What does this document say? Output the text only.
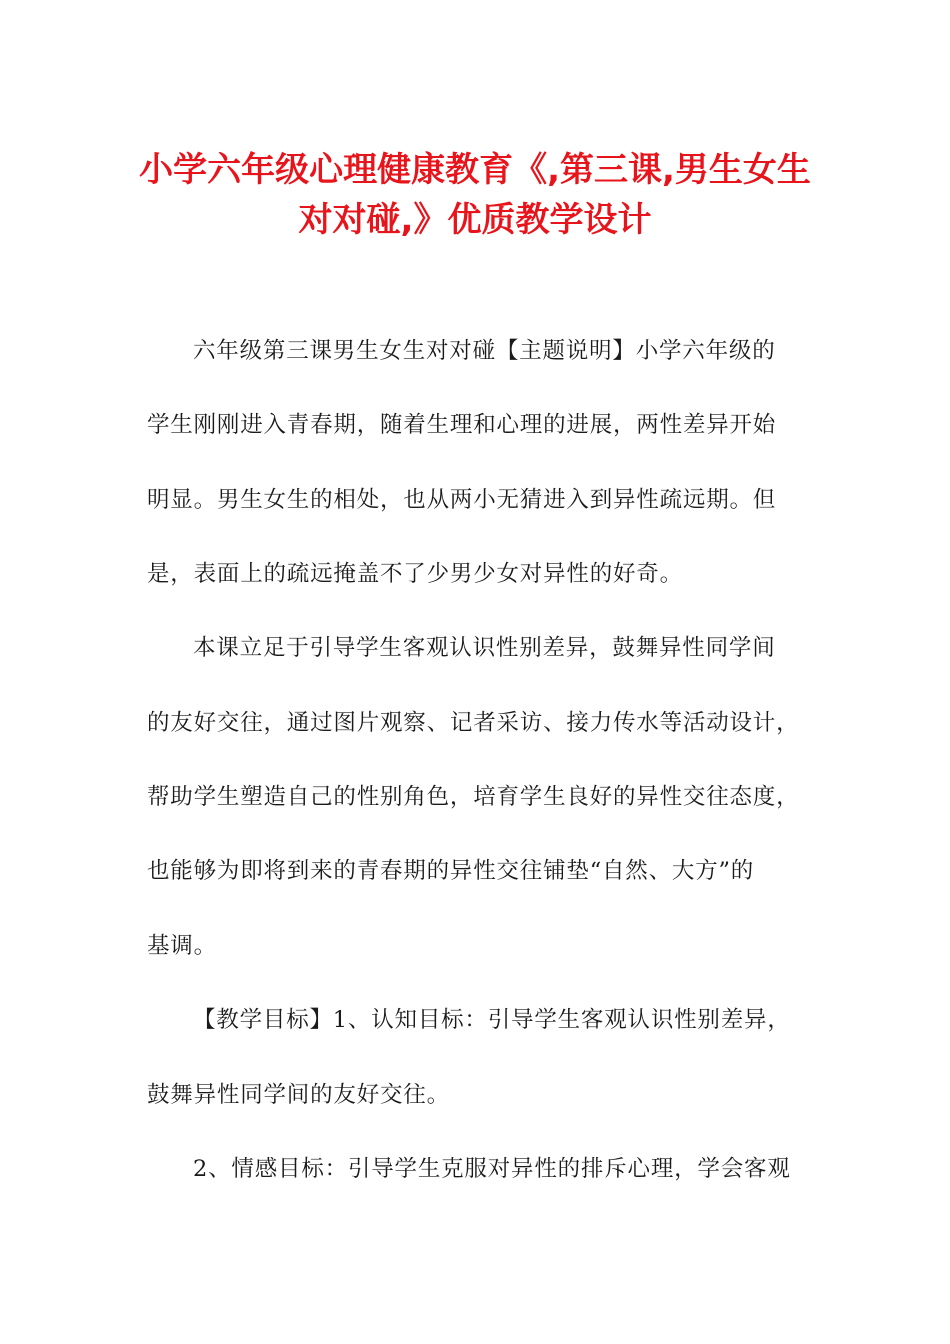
小学六年级心理健康教育《,第三课,男生女生
对对碰,》优质教学设计

六年级第三课男生女生对对碰【主题说明】小学六年级的

学生刚刚进入青春期，随着生理和心理的进展，两性差异开始

明显。男生女生的相处，也从两小无猜进入到异性疏远期。但

是，表面上的疏远掩盖不了少男少女对异性的好奇。

本课立足于引导学生客观认识性别差异，鼓舞异性同学间

的友好交往，通过图片观察、记者采访、接力传水等活动设计，

帮助学生塑造自己的性别角色，培育学生良好的异性交往态度，

也能够为即将到来的青春期的异性交往铺垫“自然、大方”的

基调。

【教学目标】1、认知目标：引导学生客观认识性别差异，

鼓舞异性同学间的友好交往。

2、情感目标：引导学生克服对异性的排斥心理，学会客观
